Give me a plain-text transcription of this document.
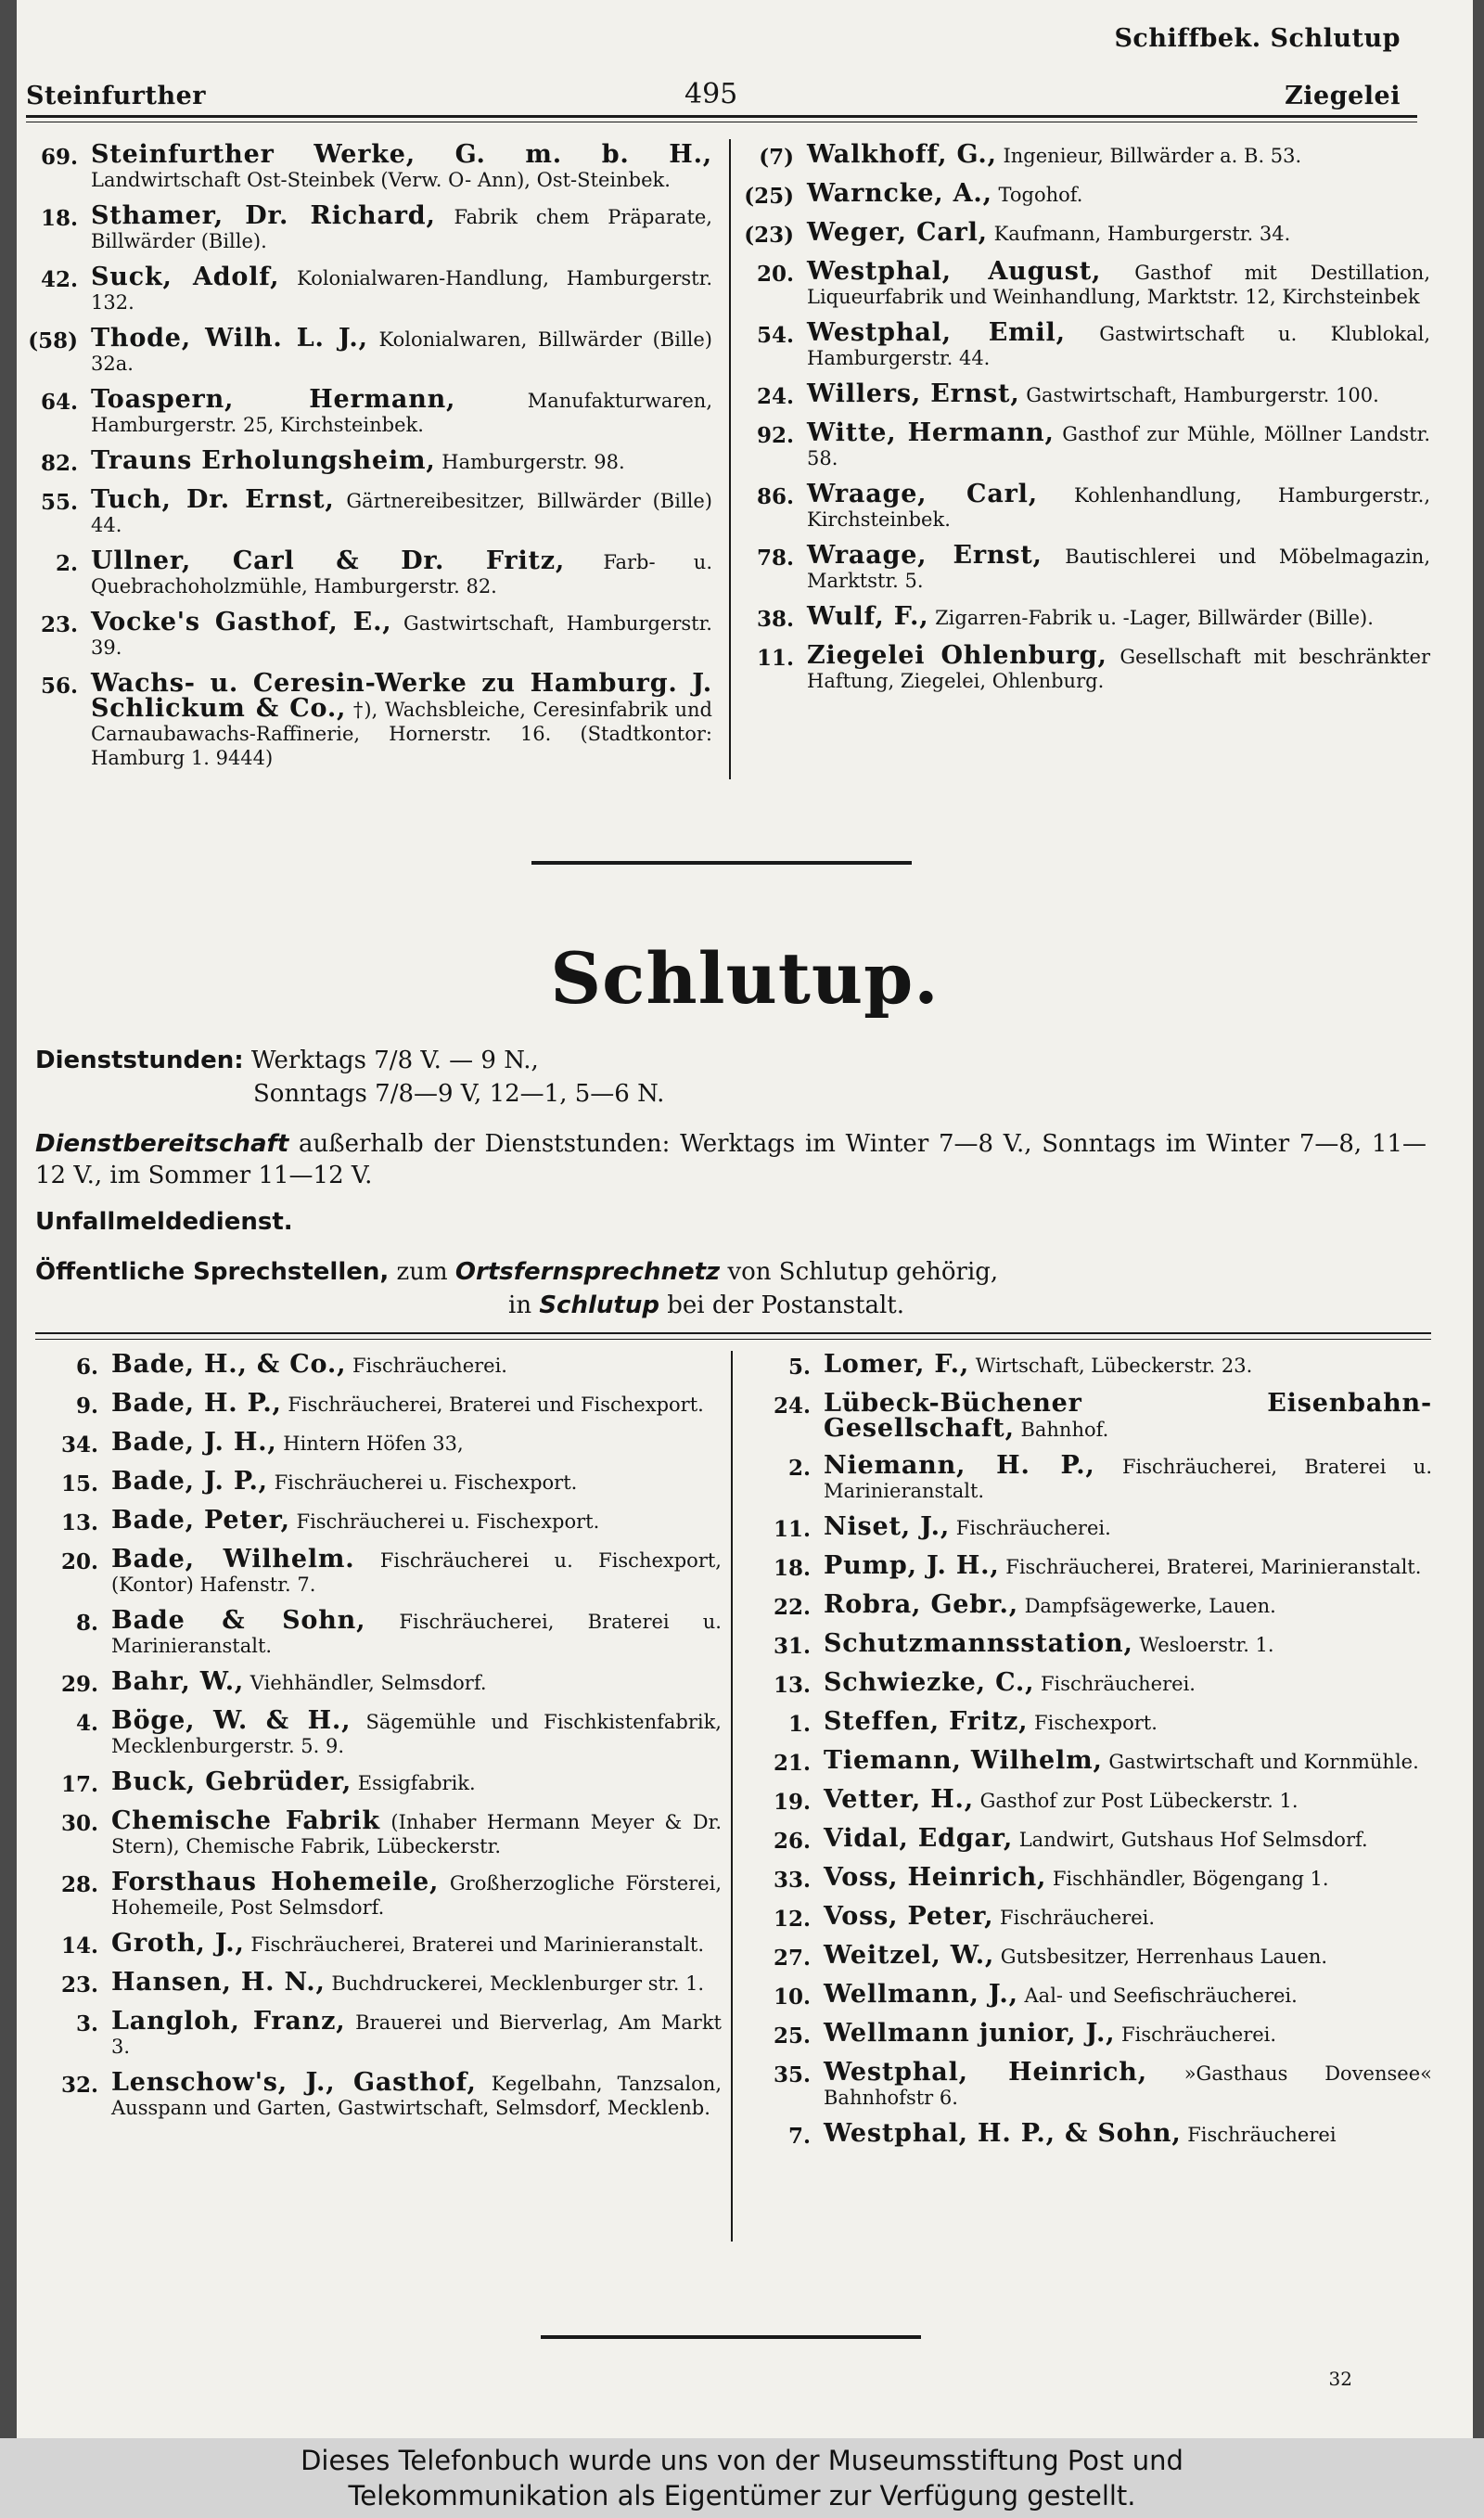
Schiffbek. Schlutup
Steinfurther	495	Ziegelei
69. Steinfurther Werke, G. m. b. H., Landwirtschaft Ost-Steinbek (Verw. O- Ann), Ost-Steinbek.
18. Sthamer, Dr. Richard, Fabrik chem Präparate, Billwärder (Bille).
42. Suck, Adolf, Kolonialwaren-Handlung, Hamburgerstr. 132.
(58) Thode, Wilh. L. J., Kolonialwaren, Billwärder (Bille) 32a.
64. Toaspern, Hermann, Manufakturwaren, Hamburgerstr. 25, Kirchsteinbek.
82. Trauns Erholungsheim, Hamburgerstr. 98.
55. Tuch, Dr. Ernst, Gärtnereibesitzer, Billwärder (Bille) 44.
2. Ullner, Carl & Dr. Fritz, Farb- u. Quebrachoholzmühle, Hamburgerstr. 82.
23. Vocke's Gasthof, E., Gastwirtschaft, Hamburgerstr. 39.
56. Wachs- u. Ceresin-Werke zu Hamburg. J. Schlickum & Co., †), Wachsbleiche, Ceresinfabrik und Carnaubawachs-Raffinerie, Hornerstr. 16. (Stadtkontor: Hamburg 1. 9444)
(7) Walkhoff, G., Ingenieur, Billwärder a. B. 53.
(25) Warncke, A., Togohof.
(23) Weger, Carl, Kaufmann, Hamburgerstr. 34.
20. Westphal, August, Gasthof mit Destillation, Liqueurfabrik und Weinhandlung, Marktstr. 12, Kirchsteinbek
54. Westphal, Emil, Gastwirtschaft u. Klublokal, Hamburgerstr. 44.
24. Willers, Ernst, Gastwirtschaft, Hamburgerstr. 100.
92. Witte, Hermann, Gasthof zur Mühle, Möllner Landstr. 58.
86. Wraage, Carl, Kohlenhandlung, Hamburgerstr., Kirchsteinbek.
78. Wraage, Ernst, Bautischlerei und Möbelmagazin, Marktstr. 5.
38. Wulf, F., Zigarren-Fabrik u. -Lager, Billwärder (Bille).
11. Ziegelei Ohlenburg, Gesellschaft mit beschränkter Haftung, Ziegelei, Ohlenburg.
Schlutup.
Dienststunden: Werktags 7/8 V. — 9 N.,
Sonntags 7/8—9 V, 12—1, 5—6 N.
Dienstbereitschaft außerhalb der Dienststunden: Werktags im Winter 7—8 V., Sonntags im Winter 7—8, 11—12 V., im Sommer 11—12 V.
Unfallmeldedienst.
Öffentliche Sprechstellen, zum Ortsfernsprechnetz von Schlutup gehörig,
in Schlutup bei der Postanstalt.
6. Bade, H., & Co., Fischräucherei.
9. Bade, H. P., Fischräucherei, Braterei und Fischexport.
34. Bade, J. H., Hintern Höfen 33,
15. Bade, J. P., Fischräucherei u. Fischexport.
13. Bade, Peter, Fischräucherei u. Fischexport.
20. Bade, Wilhelm. Fischräucherei u. Fischexport, (Kontor) Hafenstr. 7.
8. Bade & Sohn, Fischräucherei, Braterei u. Marinieranstalt.
29. Bahr, W., Viehhändler, Selmsdorf.
4. Böge, W. & H., Sägemühle und Fischkistenfabrik, Mecklenburgerstr. 5. 9.
17. Buck, Gebrüder, Essigfabrik.
30. Chemische Fabrik (Inhaber Hermann Meyer & Dr. Stern), Chemische Fabrik, Lübeckerstr.
28. Forsthaus Hohemeile, Großherzogliche Försterei, Hohemeile, Post Selmsdorf.
14. Groth, J., Fischräucherei, Braterei und Marinieranstalt.
23. Hansen, H. N., Buchdruckerei, Mecklenburger str. 1.
3. Langloh, Franz, Brauerei und Bierverlag, Am Markt 3.
32. Lenschow's, J., Gasthof, Kegelbahn, Tanzsalon, Ausspann und Garten, Gastwirtschaft, Selmsdorf, Mecklenb.
5. Lomer, F., Wirtschaft, Lübeckerstr. 23.
24. Lübeck-Büchener Eisenbahn-Gesellschaft, Bahnhof.
2. Niemann, H. P., Fischräucherei, Braterei u. Marinieranstalt.
11. Niset, J., Fischräucherei.
18. Pump, J. H., Fischräucherei, Braterei, Marinieranstalt.
22. Robra, Gebr., Dampfsägewerke, Lauen.
31. Schutzmannsstation, Wesloerstr. 1.
13. Schwiezke, C., Fischräucherei.
1. Steffen, Fritz, Fischexport.
21. Tiemann, Wilhelm, Gastwirtschaft und Kornmühle.
19. Vetter, H., Gasthof zur Post Lübeckerstr. 1.
26. Vidal, Edgar, Landwirt, Gutshaus Hof Selmsdorf.
33. Voss, Heinrich, Fischhändler, Bögengang 1.
12. Voss, Peter, Fischräucherei.
27. Weitzel, W., Gutsbesitzer, Herrenhaus Lauen.
10. Wellmann, J., Aal- und Seefischräucherei.
25. Wellmann junior, J., Fischräucherei.
35. Westphal, Heinrich, »Gasthaus Dovensee« Bahnhofstr 6.
7. Westphal, H. P., & Sohn, Fischräucherei
32
Dieses Telefonbuch wurde uns von der Museumsstiftung Post und
Telekommunikation als Eigentümer zur Verfügung gestellt.
